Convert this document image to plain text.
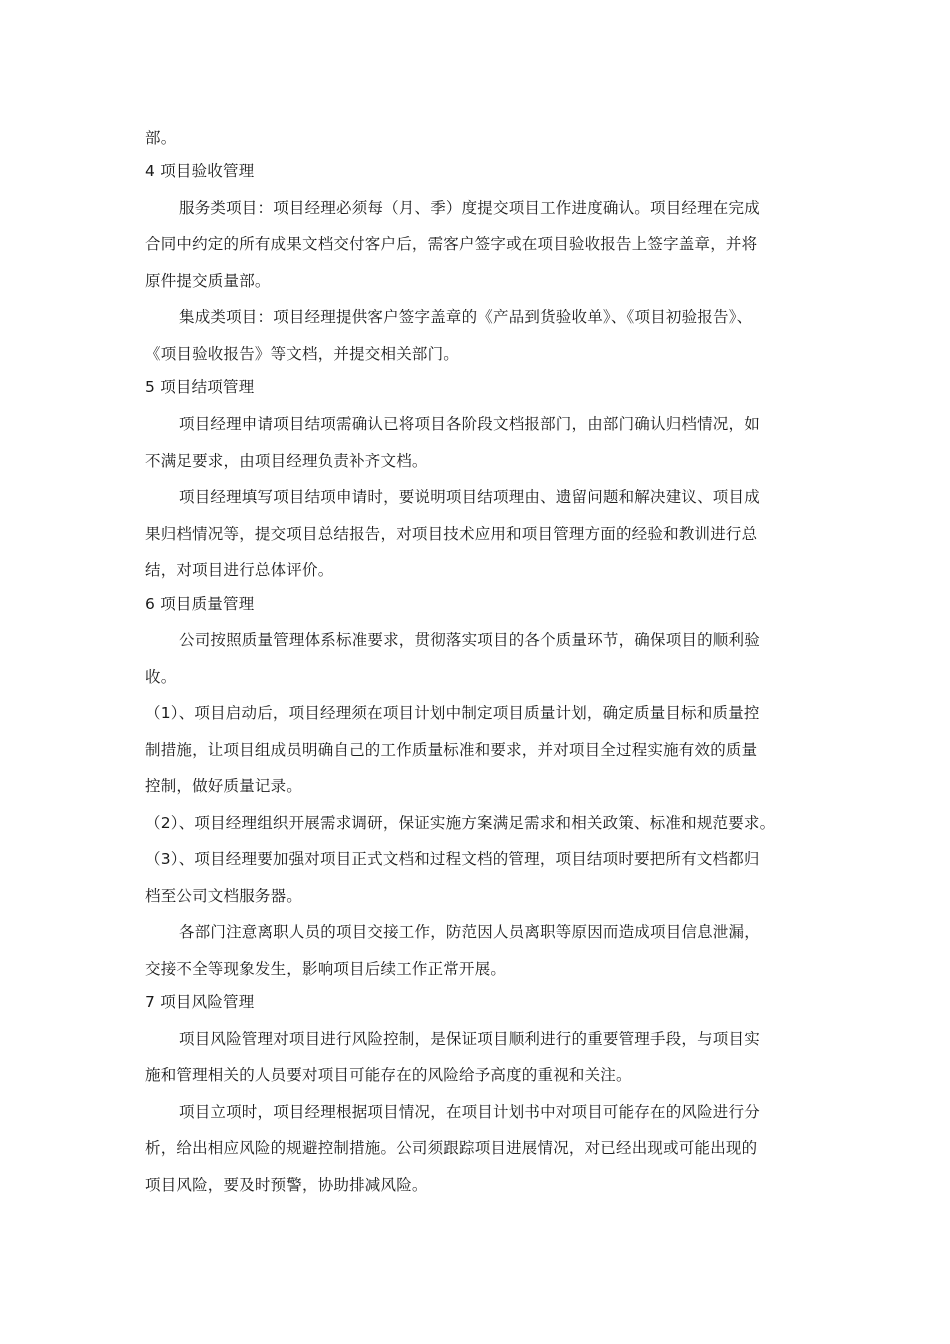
部。
4 项目验收管理
服务类项目：项目经理必须每（月、季）度提交项目工作进度确认。项目经理在完成
合同中约定的所有成果文档交付客户后，需客户签字或在项目验收报告上签字盖章，并将
原件提交质量部。
集成类项目：项目经理提供客户签字盖章的《产品到货验收单》、《项目初验报告》、
《项目验收报告》等文档，并提交相关部门。
5 项目结项管理
项目经理申请项目结项需确认已将项目各阶段文档报部门，由部门确认归档情况，如
不满足要求，由项目经理负责补齐文档。
项目经理填写项目结项申请时，要说明项目结项理由、遗留问题和解决建议、项目成
果归档情况等，提交项目总结报告，对项目技术应用和项目管理方面的经验和教训进行总
结，对项目进行总体评价。
6 项目质量管理
公司按照质量管理体系标准要求，贯彻落实项目的各个质量环节，确保项目的顺利验
收。
（1）、项目启动后，项目经理须在项目计划中制定项目质量计划，确定质量目标和质量控
制措施，让项目组成员明确自己的工作质量标准和要求，并对项目全过程实施有效的质量
控制，做好质量记录。
（2）、项目经理组织开展需求调研，保证实施方案满足需求和相关政策、标准和规范要求。
（3）、项目经理要加强对项目正式文档和过程文档的管理，项目结项时要把所有文档都归
档至公司文档服务器。
各部门注意离职人员的项目交接工作，防范因人员离职等原因而造成项目信息泄漏，
交接不全等现象发生，影响项目后续工作正常开展。
7 项目风险管理
项目风险管理对项目进行风险控制，是保证项目顺利进行的重要管理手段，与项目实
施和管理相关的人员要对项目可能存在的风险给予高度的重视和关注。
项目立项时，项目经理根据项目情况，在项目计划书中对项目可能存在的风险进行分
析，给出相应风险的规避控制措施。公司须跟踪项目进展情况，对已经出现或可能出现的
项目风险，要及时预警，协助排减风险。
